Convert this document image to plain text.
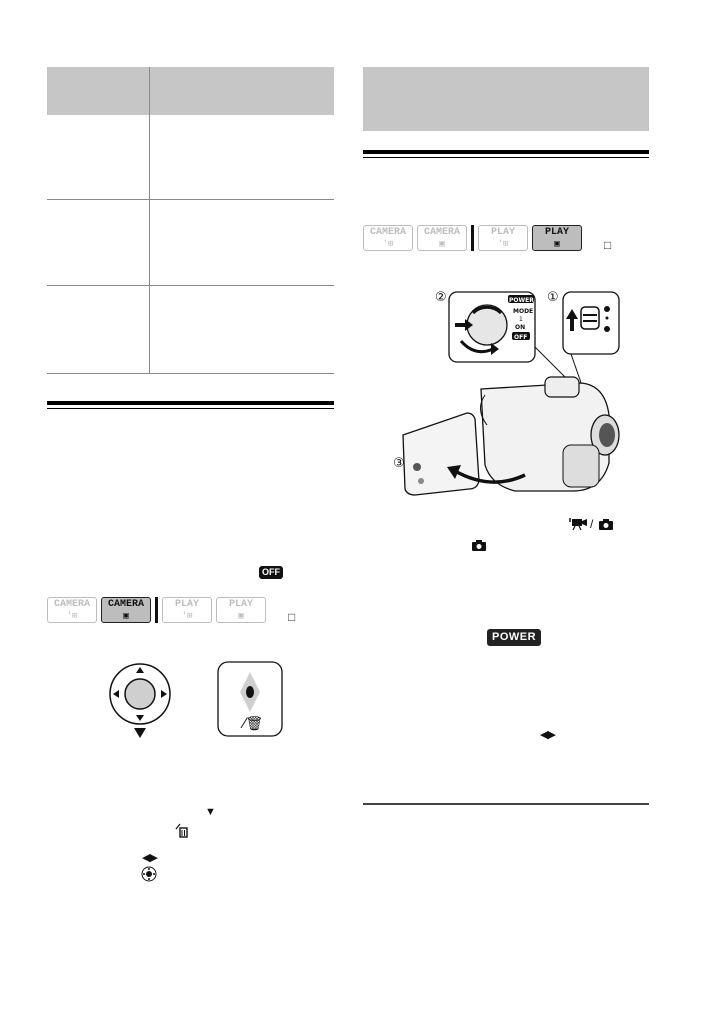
OFF
CAMERA
'⊞
CAMERA
▣
PLAY
'⊞
PLAY
▣	□
⁄🗑
▼
◀▶
CAMERA
'⊞
CAMERA
▣
PLAY
'⊞
PLAY
▣	□
②	POWER
MODE
1
ON
OFF
①
③
/
POWER
◀▶
